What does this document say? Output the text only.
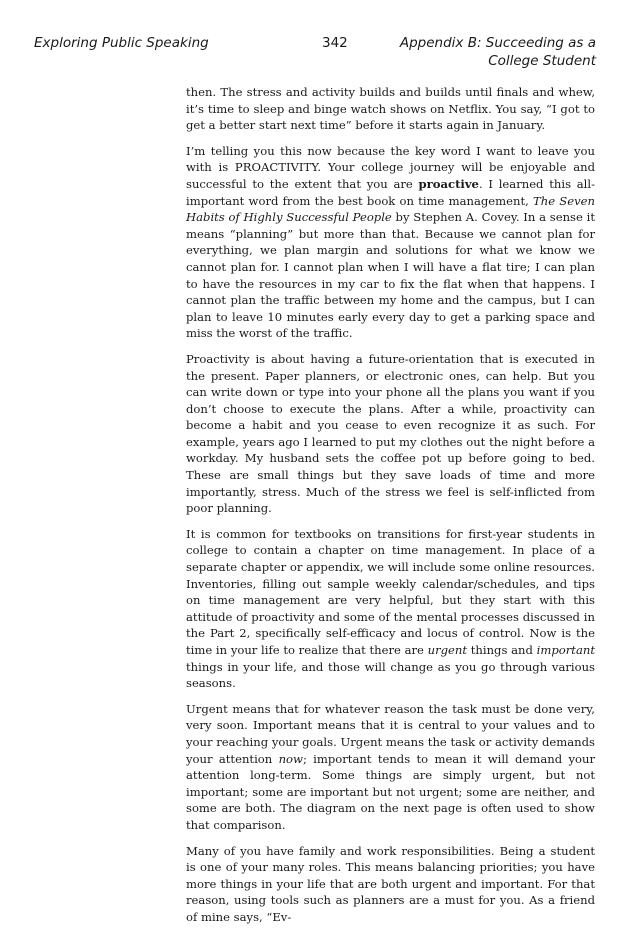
Exploring Public Speaking	342	Appendix B: Succeeding as a
College Student

then. The stress and activity builds and builds until finals and whew, it’s time to sleep and binge watch shows on Netflix. You say, “I got to get a better start next time” before it starts again in January.

I’m telling you this now because the key word I want to leave you with is PROACTIVITY. Your college journey will be enjoyable and successful to the extent that you are proactive. I learned this all-important word from the best book on time management, The Seven Habits of Highly Successful People by Stephen A. Covey. In a sense it means “planning” but more than that. Because we cannot plan for everything, we plan margin and solutions for what we know we cannot plan for. I cannot plan when I will have a flat tire; I can plan to have the resources in my car to fix the flat when that happens. I cannot plan the traffic between my home and the campus, but I can plan to leave 10 minutes early every day to get a parking space and miss the worst of the traffic.

Proactivity is about having a future-orientation that is executed in the present. Paper planners, or electronic ones, can help. But you can write down or type into your phone all the plans you want if you don’t choose to execute the plans. After a while, proactivity can become a habit and you cease to even recognize it as such. For example, years ago I learned to put my clothes out the night before a workday. My husband sets the coffee pot up before going to bed. These are small things but they save loads of time and more importantly, stress. Much of the stress we feel is self-inflicted from poor planning.

It is common for textbooks on transitions for first-year students in college to contain a chapter on time management. In place of a separate chapter or appendix, we will include some online resources. Inventories, filling out sample weekly calendar/schedules, and tips on time management are very helpful, but they start with this attitude of proactivity and some of the mental processes discussed in the Part 2, specifically self-efficacy and locus of control. Now is the time in your life to realize that there are urgent things and important things in your life, and those will change as you go through various seasons.

Urgent means that for whatever reason the task must be done very, very soon. Important means that it is central to your values and to your reaching your goals. Urgent means the task or activity demands your attention now; important tends to mean it will demand your attention long-term. Some things are simply urgent, but not important; some are important but not urgent; some are neither, and some are both. The diagram on the next page is often used to show that comparison.

Many of you have family and work responsibilities. Being a student is one of your many roles. This means balancing priorities; you have more things in your life that are both urgent and important. For that reason, using tools such as planners are a must for you. As a friend of mine says, “Ev-
